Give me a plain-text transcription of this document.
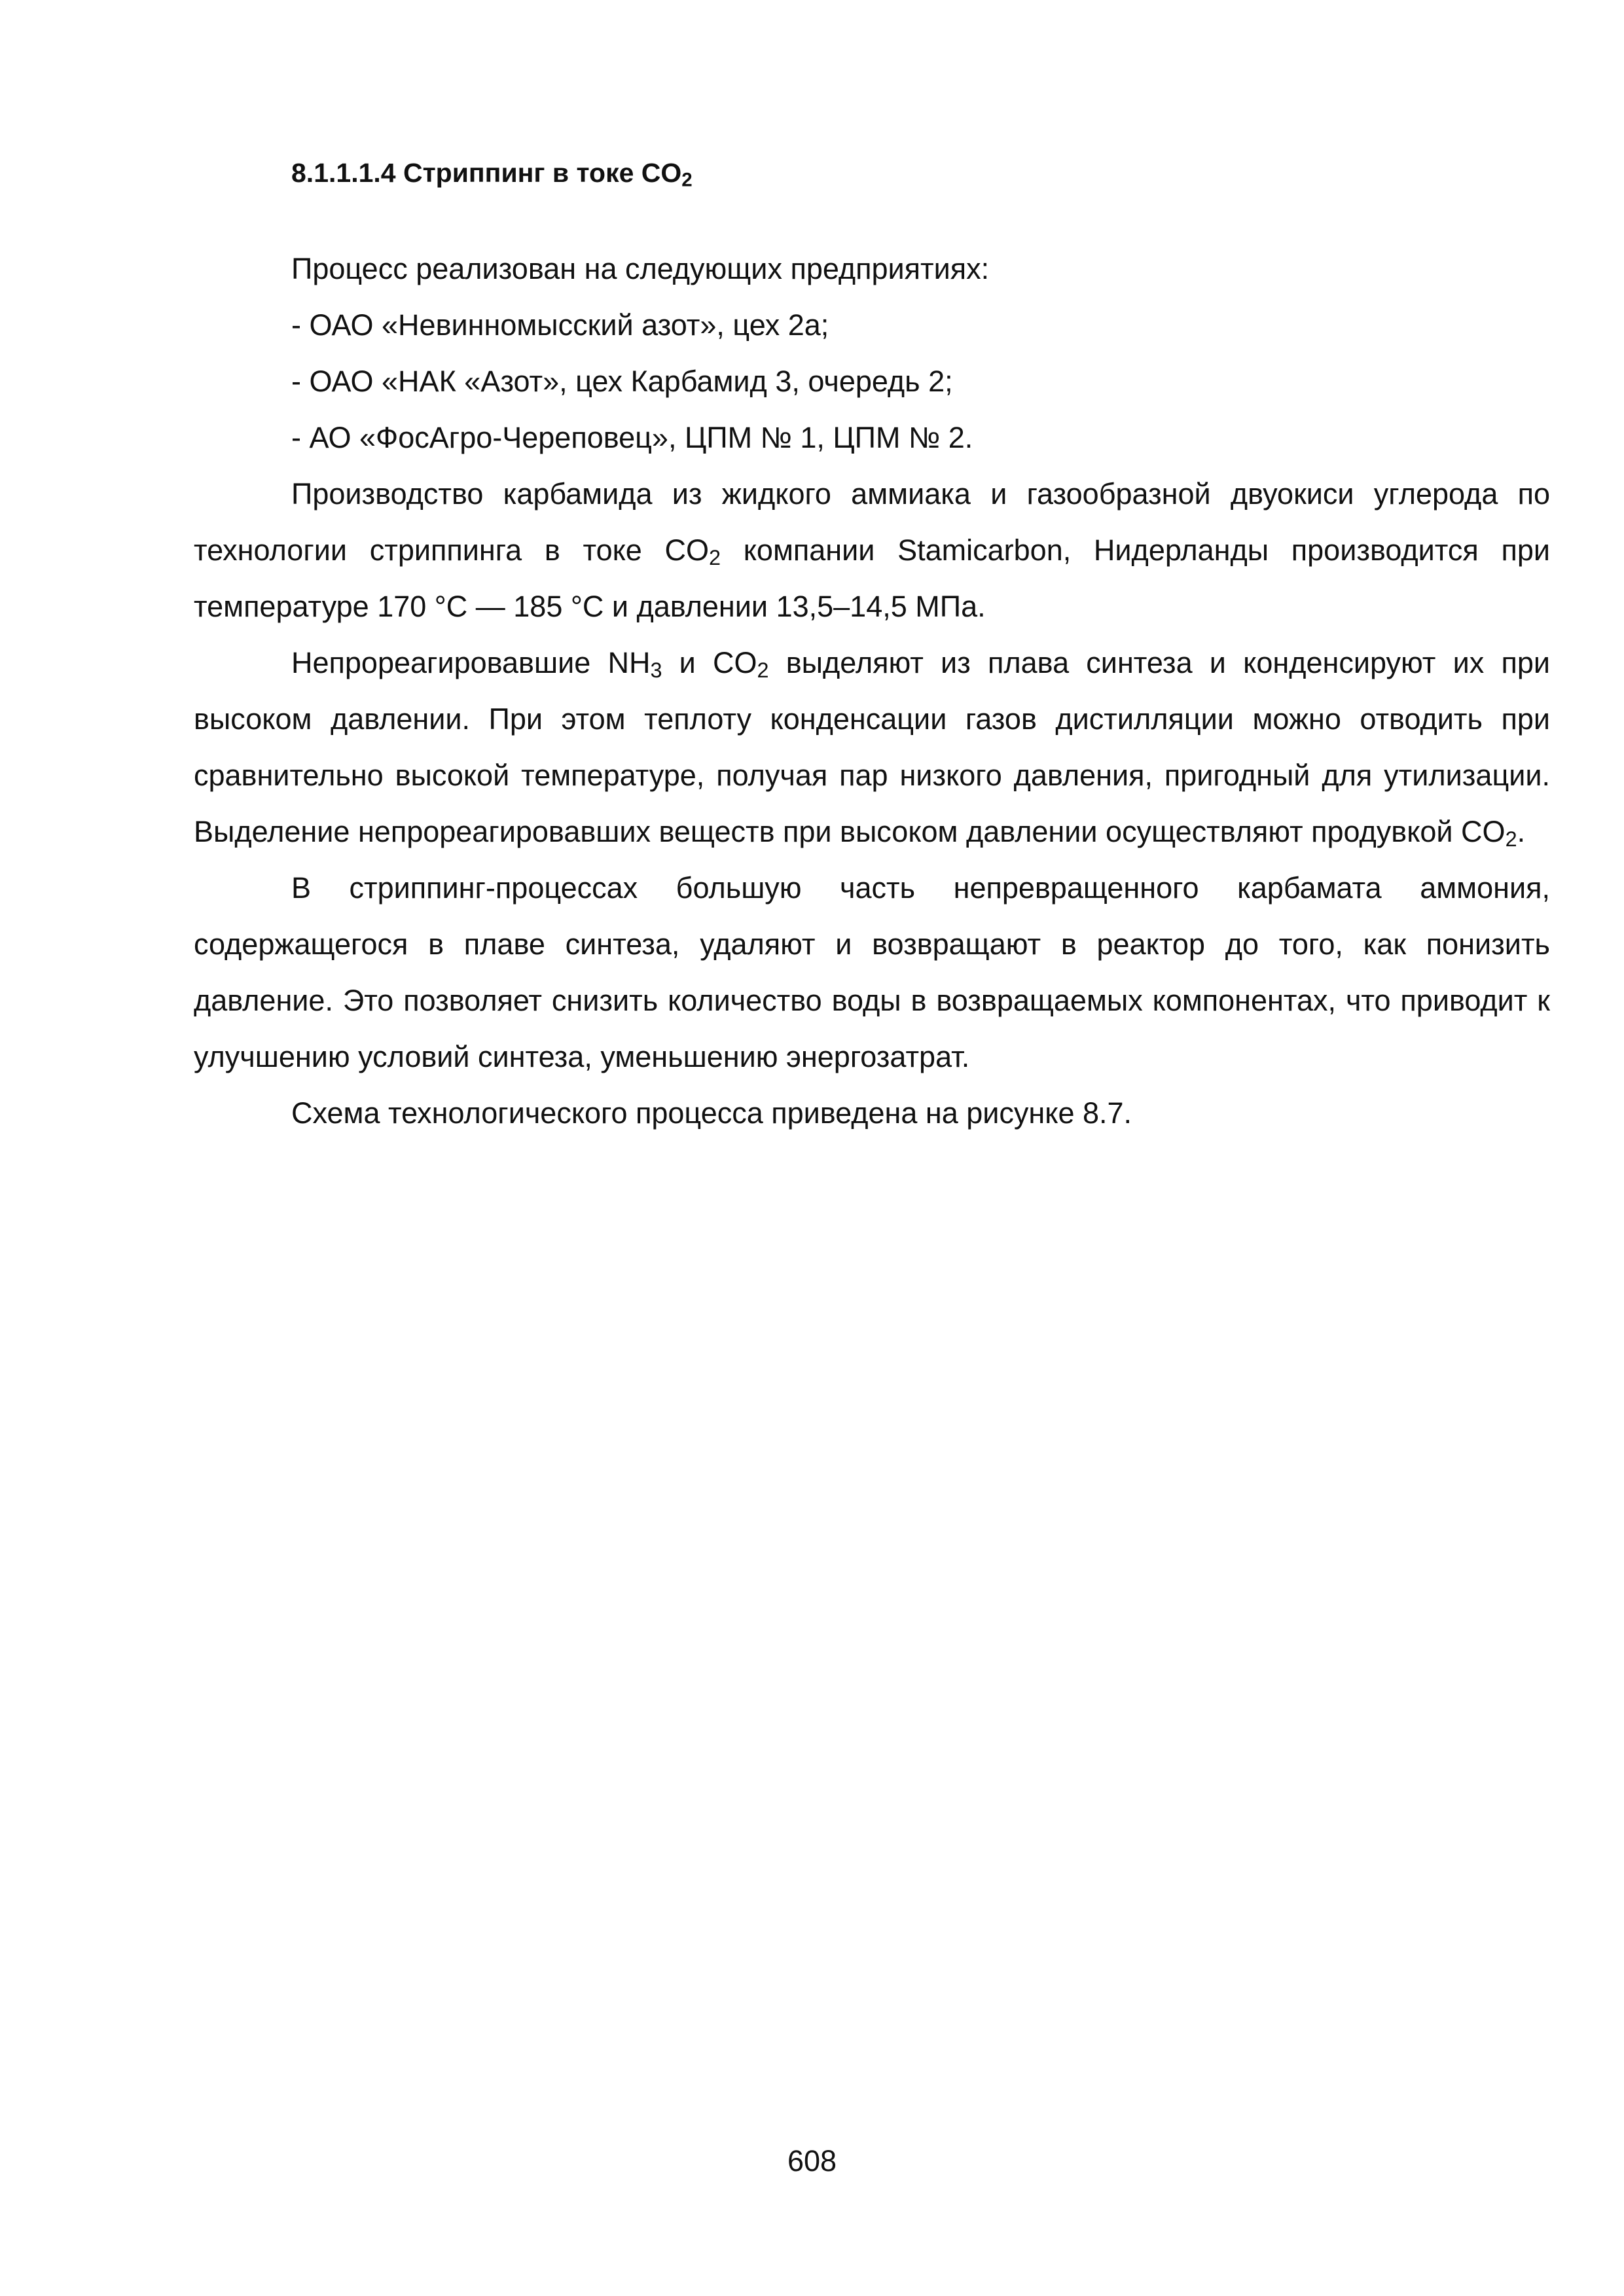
8.1.1.1.4 Стриппинг в токе $CO_2$

Процесс реализован на следующих предприятиях:

- ОАО «Невинномысский азот», цех 2а;

- ОАО «НАК «Азот», цех Карбамид 3, очередь 2;

- АО «ФосАгро-Череповец», ЦПМ № 1, ЦПМ № 2.

Производство карбамида из жидкого аммиака и газообразной двуокиси углерода по технологии стриппинга в токе $CO_2$ компании Stamicarbon, Нидерланды производится при температуре 170 °С — 185 °С и давлении 13,5–14,5 МПа.

Непрореагировавшие $NH_3$ и $CO_2$ выделяют из плава синтеза и конденсируют их при высоком давлении. При этом теплоту конденсации газов дистилляции можно отводить при сравнительно высокой температуре, получая пар низкого давления, пригодный для утилизации. Выделение непрореагировавших веществ при высоком давлении осуществляют продувкой $CO_2$.

В стриппинг-процессах большую часть непревращенного карбамата аммония, содержащегося в плаве синтеза, удаляют и возвращают в реактор до того, как понизить давление. Это позволяет снизить количество воды в возвращаемых компонентах, что приводит к улучшению условий синтеза, уменьшению энергозатрат.

Схема технологического процесса приведена на рисунке 8.7.

608
